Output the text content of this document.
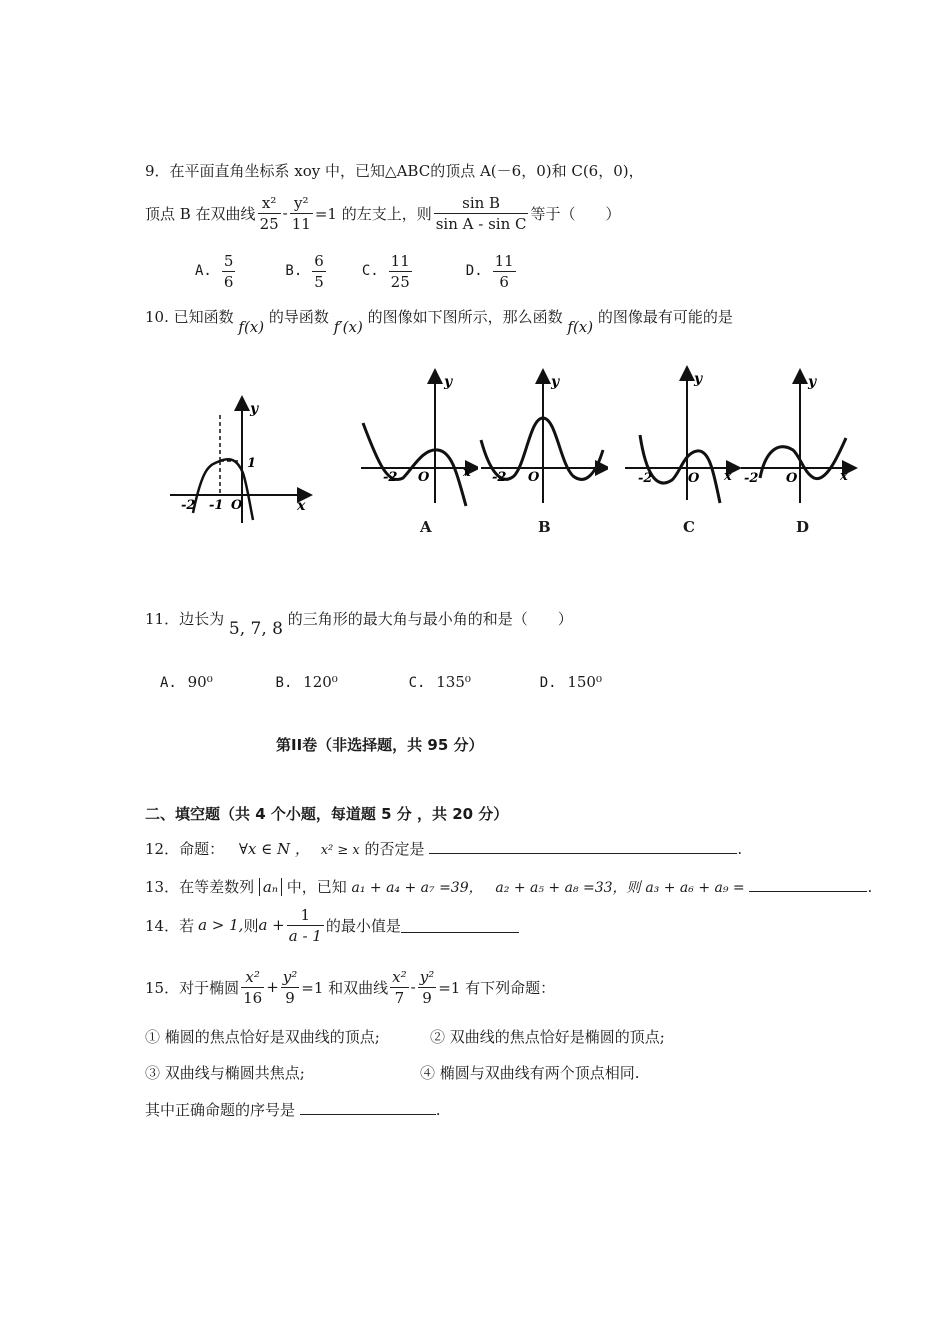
9．在平面直角坐标系 xoy 中，已知△ABC的顶点 A(－6，0)和 C(6，0)，
顶点 B 在双曲线 $\frac{\text{x²}}{25} - \frac{\text{y²}}{11} =1$ 的左支上，则 $\frac{\text{sin B}}{\text{sin A - sin C}}$ 等于（　　）
A. $\frac{5}{6}$	B. $\frac{6}{5}$	C. $\frac{11}{25}$	D. $\frac{11}{6}$
10. 已知函数 f(x) 的导函数 f′(x) 的图像如下图所示，那么函数 f(x) 的图像最有可能的是
y
x
1
-2 -1 O
y
x
-2 O
A
y
-2 O
B
y
x
-2	O
C
y
x
-2 O
D
11．边长为 5, 7, 8 的三角形的最大角与最小角的和是（　　）
A. 90⁰	B. 120⁰	C. 135⁰	D. 150⁰
第II卷（非选择题，共 95 分）
二、填空题（共 4 个小题，每道题 5 分 ，共 20 分）
12．命题： ∀x ∈ N ， x² ≥ x 的否定是	.
13．在等差数列 aₙ 中，已知 a₁ + a₄ + a₇ =39， a₂ + a₅ + a₈ =33，则 a₃ + a₆ + a₉ =	.
14．若 a > 1, 则 $a + \frac{1}{a - 1}$ 的最小值是
15．对于椭圆 $\frac{\text{x²}}{16} + \frac{\text{y²}}{9} =1$ 和双曲线 $\frac{\text{x²}}{7} - \frac{\text{y²}}{9} =1$ 有下列命题：
① 椭圆的焦点恰好是双曲线的顶点;	② 双曲线的焦点恰好是椭圆的顶点;
③ 双曲线与椭圆共焦点;	④ 椭圆与双曲线有两个顶点相同.
其中正确命题的序号是	.
